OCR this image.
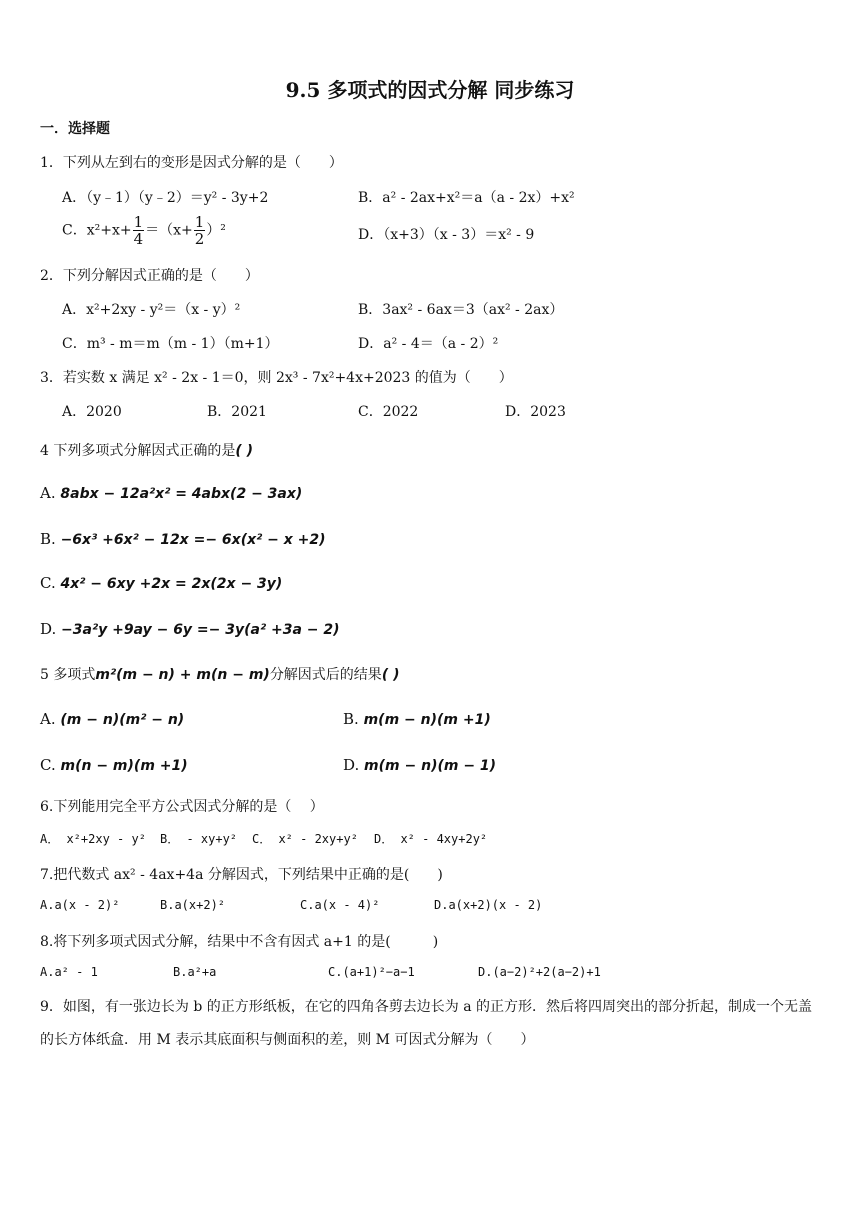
9.5 多项式的因式分解 同步练习
一．选择题
1．下列从左到右的变形是因式分解的是（　　）
A．（y﹣1）（y﹣2）＝y² - 3y+2	B．a² - 2ax+x²＝a（a - 2x）+x²
C．$x^2+x+ \frac{1}{4} =(x+ \frac{1}{2} )^2$	D．（x+3）（x - 3）＝x² - 9
2．下列分解因式正确的是（　　）
A．x²+2xy - y²＝（x - y）²	B．3ax² - 6ax＝3（ax² - 2ax）
C．m³ - m＝m（m - 1）（m+1）	D．a² - 4＝（a - 2）²
3．若实数 x 满足 x² - 2x - 1＝0，则 2x³ - 7x²+4x+2023 的值为（　　）
A．2020	B．2021	C．2022	D．2023
4 下列多项式分解因式正确的是( )
A. 8abx − 12a²x² = 4abx(2 − 3ax)
B. −6x³ +6x² − 12x =− 6x(x² − x +2)
C. 4x² − 6xy +2x = 2x(2x − 3y)
D. −3a²y +9ay − 6y =− 3y(a² +3a − 2)
5 多项式m²(m − n) + m(n − m)分解因式后的结果( )
A. (m − n)(m² − n)	B. m(m − n)(m +1)
C. m(n − m)(m +1)	D. m(m − n)(m − 1)
6.下列能用完全平方公式因式分解的是（　 ）
A． x²+2xy - y² B． - xy+y² C． x² - 2xy+y² D． x² - 4xy+2y²
7.把代数式 ax² - 4ax+4a 分解因式，下列结果中正确的是(　　)
A.a(x - 2)²	B.a(x+2)²	C.a(x - 4)²	D.a(x+2)(x - 2)
8.将下列多项式因式分解，结果中不含有因式 a+1 的是(　　　)
A.a² - 1	B.a²+a	C.(a+1)²−a−1	D.(a−2)²+2(a−2)+1
9．如图，有一张边长为 b 的正方形纸板，在它的四角各剪去边长为 a 的正方形．然后将四周突出的部分折起，制成一个无盖的长方体纸盒．用 M 表示其底面积与侧面积的差，则 M 可因式分解为（　　）
